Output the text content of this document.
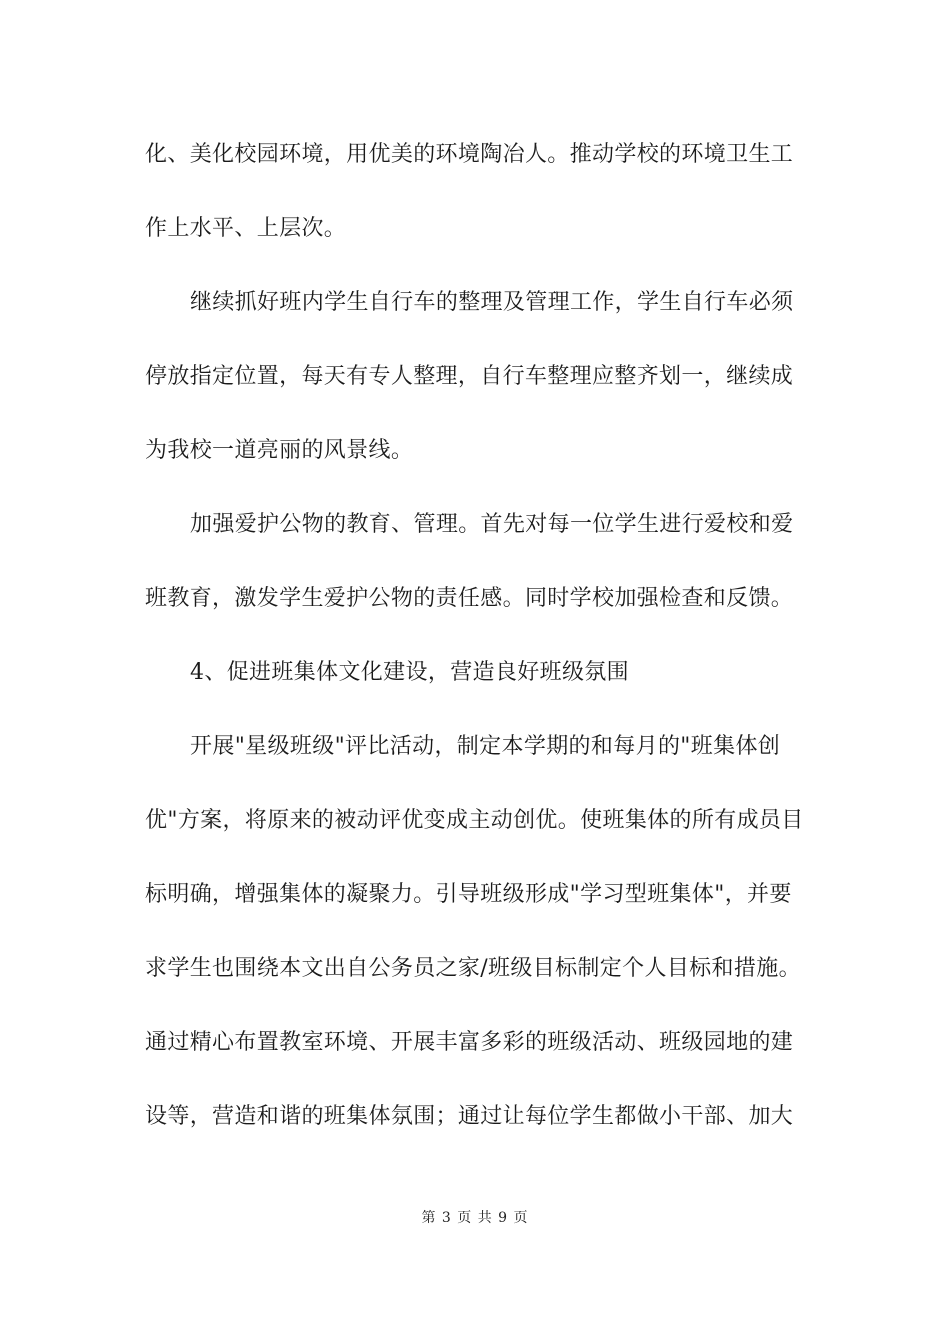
化、美化校园环境，用优美的环境陶冶人。推动学校的环境卫生工
作上水平、上层次。
继续抓好班内学生自行车的整理及管理工作，学生自行车必须
停放指定位置，每天有专人整理，自行车整理应整齐划一，继续成
为我校一道亮丽的风景线。
加强爱护公物的教育、管理。首先对每一位学生进行爱校和爱
班教育，激发学生爱护公物的责任感。同时学校加强检查和反馈。
4、促进班集体文化建设，营造良好班级氛围
开展"星级班级"评比活动，制定本学期的和每月的"班集体创
优"方案，将原来的被动评优变成主动创优。使班集体的所有成员目
标明确，增强集体的凝聚力。引导班级形成"学习型班集体"，并要
求学生也围绕本文出自公务员之家/班级目标制定个人目标和措施。
通过精心布置教室环境、开展丰富多彩的班级活动、班级园地的建
设等，营造和谐的班集体氛围；通过让每位学生都做小干部、加大
第 3 页 共 9 页
